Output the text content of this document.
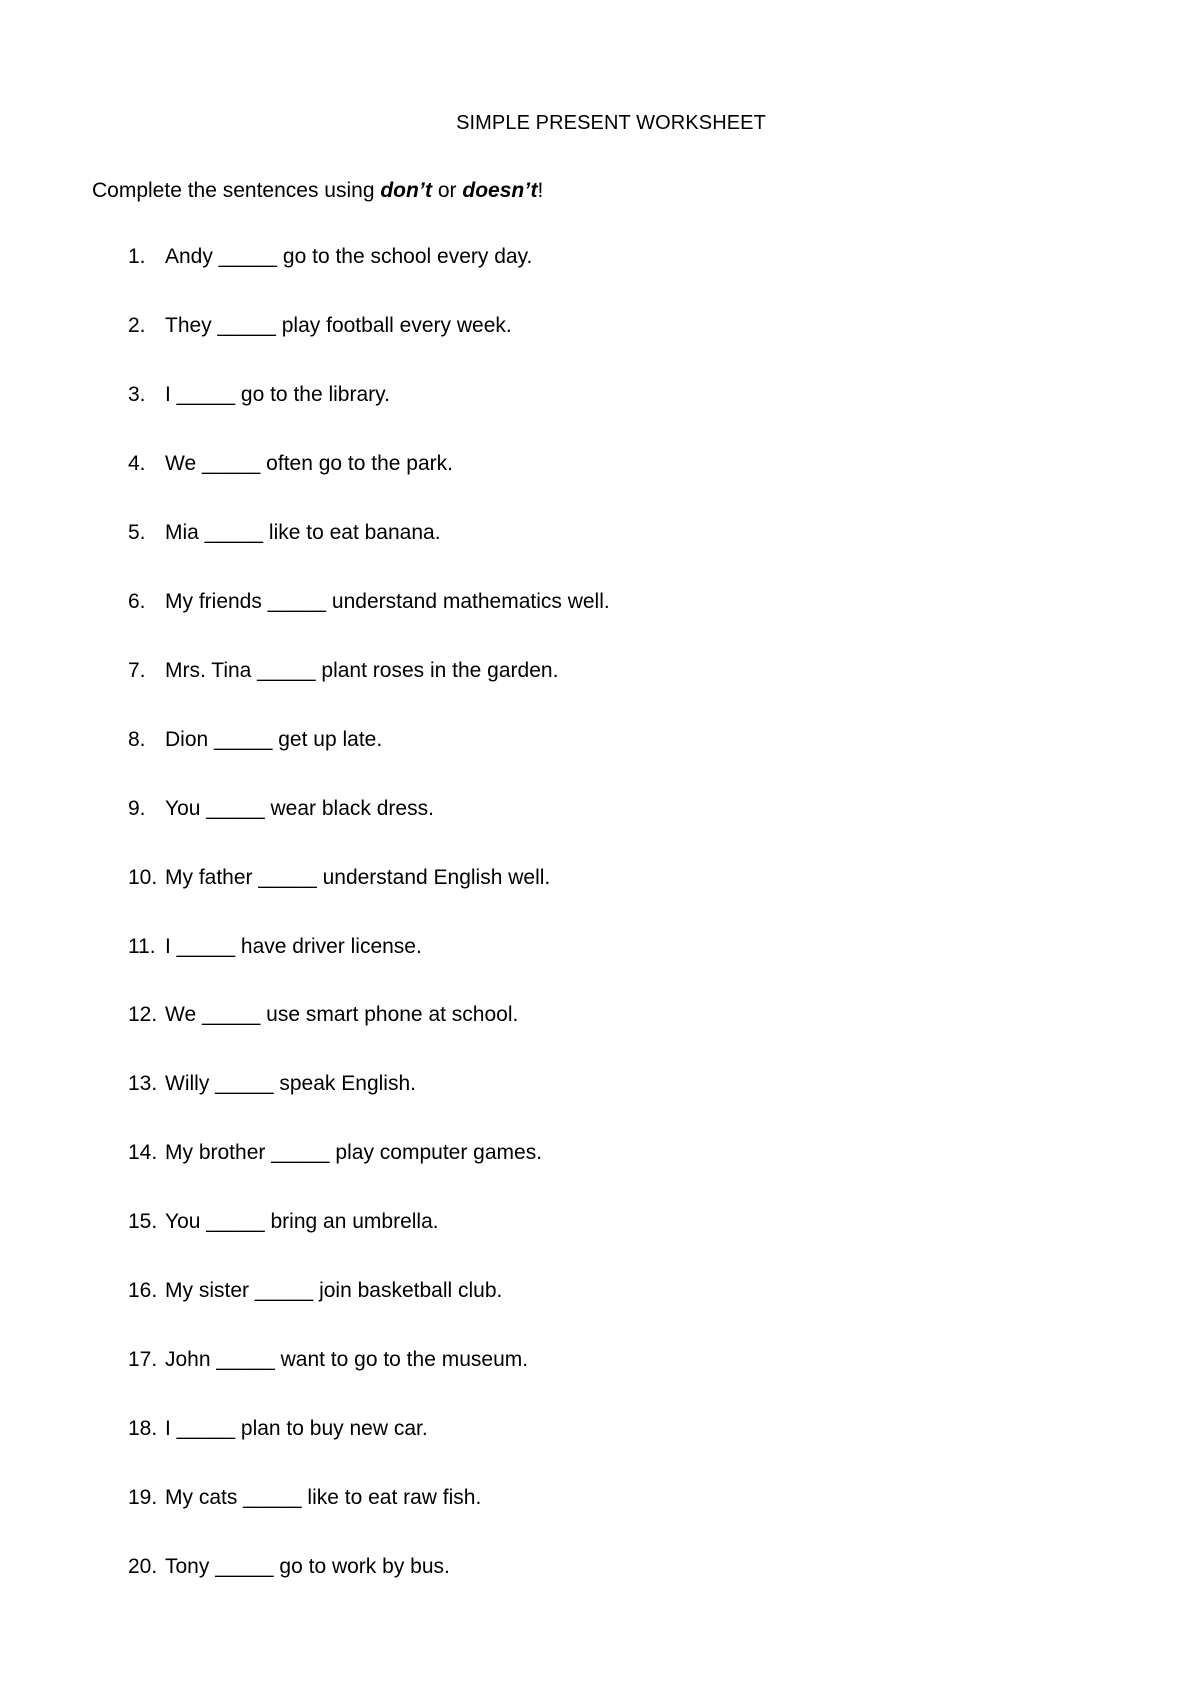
SIMPLE PRESENT WORKSHEET
Complete the sentences using don’t or doesn’t!
1. Andy _____ go to the school every day.
2. They _____ play football every week.
3. I _____ go to the library.
4. We _____ often go to the park.
5. Mia _____ like to eat banana.
6. My friends _____ understand mathematics well.
7. Mrs. Tina _____ plant roses in the garden.
8. Dion _____ get up late.
9. You _____ wear black dress.
10. My father _____ understand English well.
11. I _____ have driver license.
12. We _____ use smart phone at school.
13. Willy _____ speak English.
14. My brother _____ play computer games.
15. You _____ bring an umbrella.
16. My sister _____ join basketball club.
17. John _____ want to go to the museum.
18. I _____ plan to buy new car.
19. My cats _____ like to eat raw fish.
20. Tony _____ go to work by bus.
